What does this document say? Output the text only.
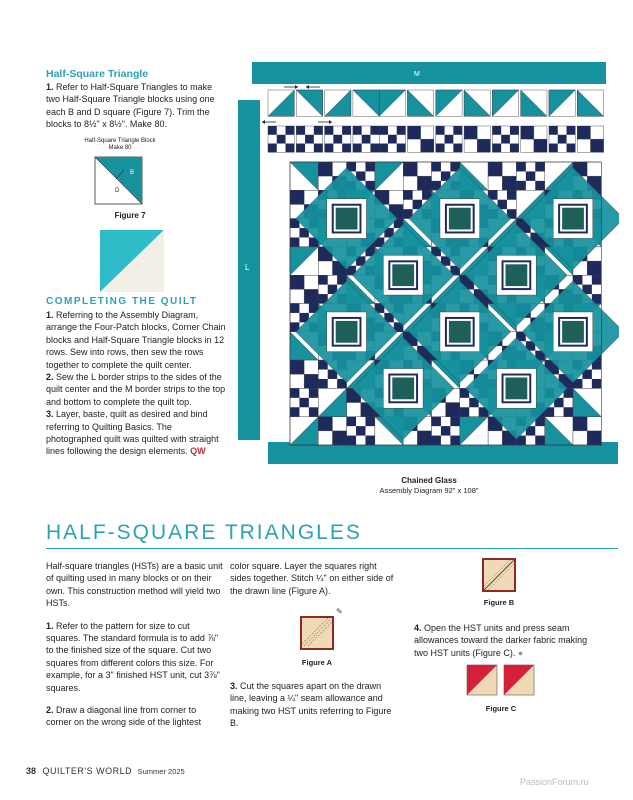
Half-Square Triangle
1. Refer to Half-Square Triangles to make two Half-Square Triangle blocks using one each B and D square (Figure 7). Trim the blocks to 8½" x 8½". Make 80.
Half-Square Triangle Block
Make 80
B
D
Figure 7
COMPLETING THE QUILT
1. Referring to the Assembly Diagram, arrange the Four-Patch blocks, Corner Chain blocks and Half-Square Triangle blocks in 12 rows. Sew into rows, then sew the rows together to complete the quilt center.
2. Sew the L border strips to the sides of the quilt center and the M border strips to the top and bottom to complete the quilt top.
3. Layer, baste, quilt as desired and bind referring to Quilting Basics. The photographed quilt was quilted with straight lines following the design elements. QW
M
L
Chained Glass
Assembly Diagram 92" x 108"
HALF-SQUARE TRIANGLES
Half-square triangles (HSTs) are a basic unit of quilting used in many blocks or on their own. This construction method will yield two HSTs.
1. Refer to the pattern for size to cut squares. The standard formula is to add ⅞" to the finished size of the square. Cut two squares from different colors this size. For example, for a 3" finished HST unit, cut 3⅞" squares.
2. Draw a diagonal line from corner to corner on the wrong side of the lightest
color square. Layer the squares right sides together. Stitch ¼" on either side of the drawn line (Figure A).
✎
Figure A
3. Cut the squares apart on the drawn line, leaving a ¼" seam allowance and making two HST units referring to Figure B.
Figure B
4. Open the HST units and press seam allowances toward the darker fabric making two HST units (Figure C). ●
Figure C
38 QUILTER'S WORLD Summer 2025
PassionForum.ru
